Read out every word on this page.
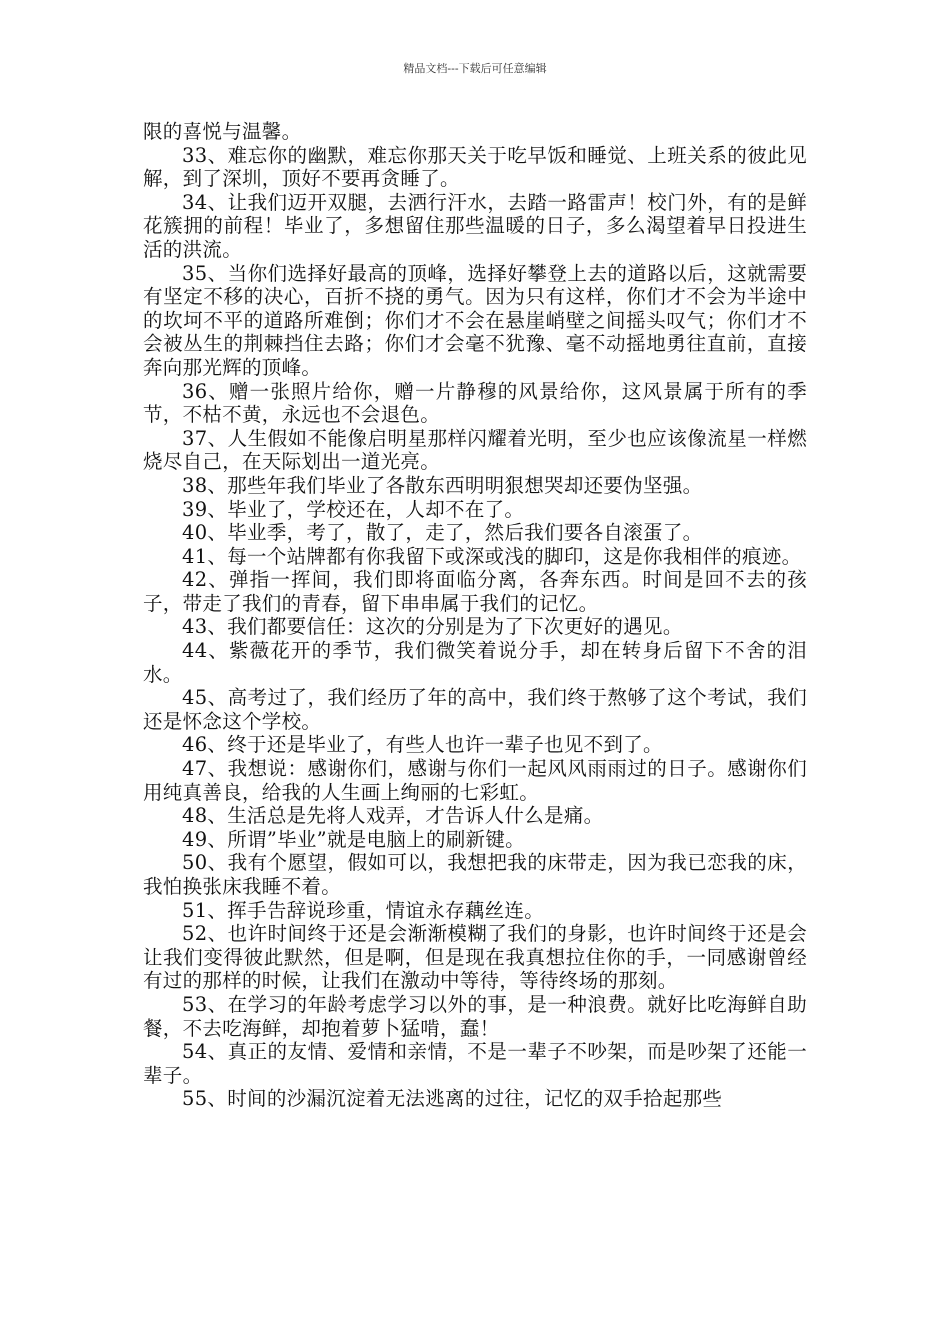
精品文档---下载后可任意编辑

限的喜悦与温馨。

33、难忘你的幽默，难忘你那天关于吃早饭和睡觉、上班关系的彼此见解，到了深圳，顶好不要再贪睡了。

34、让我们迈开双腿，去洒行汗水，去踏一路雷声！校门外，有的是鲜花簇拥的前程！毕业了，多想留住那些温暖的日子，多么渴望着早日投进生活的洪流。

35、当你们选择好最高的顶峰，选择好攀登上去的道路以后，这就需要有坚定不移的决心，百折不挠的勇气。因为只有这样，你们才不会为半途中的坎坷不平的道路所难倒；你们才不会在悬崖峭壁之间摇头叹气；你们才不会被丛生的荆棘挡住去路；你们才会毫不犹豫、毫不动摇地勇往直前，直接奔向那光辉的顶峰。

36、赠一张照片给你，赠一片静穆的风景给你，这风景属于所有的季节，不枯不黄，永远也不会退色。

37、人生假如不能像启明星那样闪耀着光明，至少也应该像流星一样燃烧尽自己，在天际划出一道光亮。

38、那些年我们毕业了各散东西明明狠想哭却还要伪坚强。

39、毕业了，学校还在，人却不在了。

40、毕业季，考了，散了，走了，然后我们要各自滚蛋了。

41、每一个站牌都有你我留下或深或浅的脚印，这是你我相伴的痕迹。

42、弹指一挥间，我们即将面临分离，各奔东西。时间是回不去的孩子，带走了我们的青春，留下串串属于我们的记忆。

43、我们都要信任：这次的分别是为了下次更好的遇见。

44、紫薇花开的季节，我们微笑着说分手，却在转身后留下不舍的泪水。

45、高考过了，我们经历了年的高中，我们终于熬够了这个考试，我们还是怀念这个学校。

46、终于还是毕业了，有些人也许一辈子也见不到了。

47、我想说：感谢你们，感谢与你们一起风风雨雨过的日子。感谢你们用纯真善良，给我的人生画上绚丽的七彩虹。

48、生活总是先将人戏弄，才告诉人什么是痛。

49、所谓”毕业”就是电脑上的刷新键。

50、我有个愿望，假如可以，我想把我的床带走，因为我已恋我的床，我怕换张床我睡不着。

51、挥手告辞说珍重，情谊永存藕丝连。

52、也许时间终于还是会渐渐模糊了我们的身影，也许时间终于还是会让我们变得彼此默然，但是啊，但是现在我真想拉住你的手，一同感谢曾经有过的那样的时候，让我们在激动中等待，等待终场的那刻。

53、在学习的年龄考虑学习以外的事，是一种浪费。就好比吃海鲜自助餐，不去吃海鲜，却抱着萝卜猛啃，蠢！

54、真正的友情、爱情和亲情，不是一辈子不吵架，而是吵架了还能一辈子。

55、时间的沙漏沉淀着无法逃离的过往，记忆的双手拾起那些
